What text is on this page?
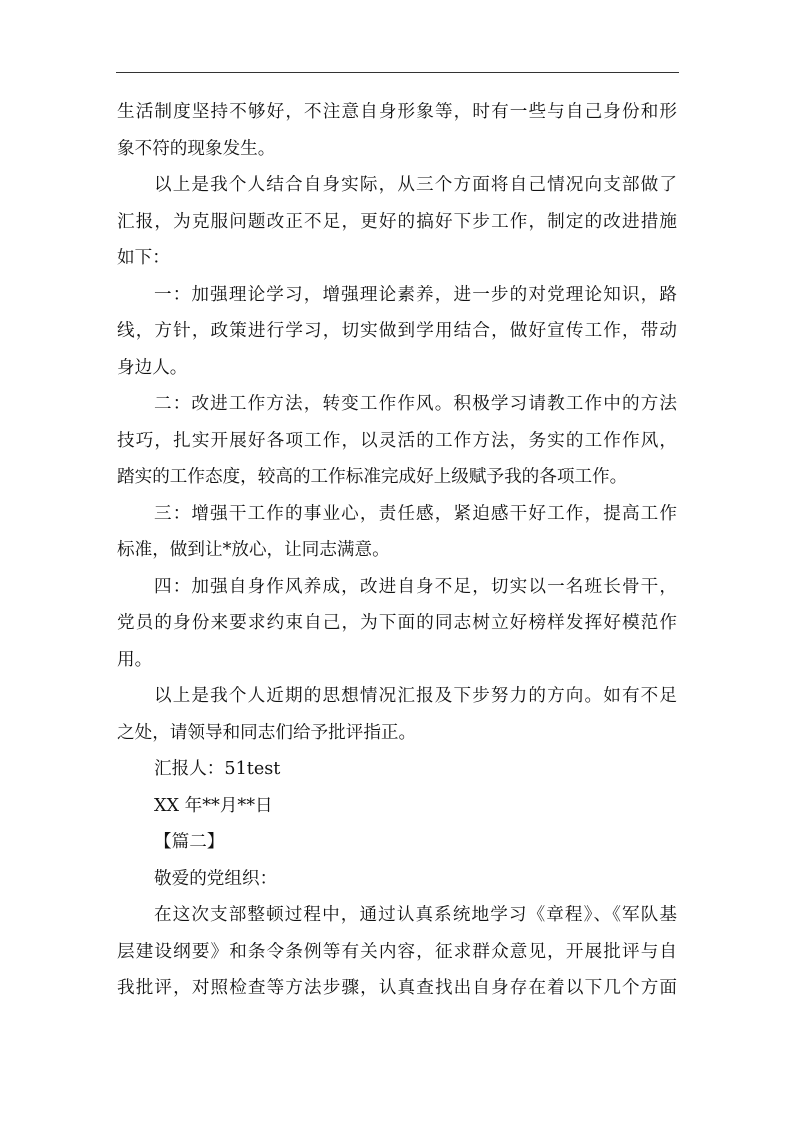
生活制度坚持不够好，不注意自身形象等，时有一些与自己身份和形
象不符的现象发生。
以上是我个人结合自身实际，从三个方面将自己情况向支部做了
汇报，为克服问题改正不足，更好的搞好下步工作，制定的改进措施
如下：
一：加强理论学习，增强理论素养，进一步的对党理论知识，路
线，方针，政策进行学习，切实做到学用结合，做好宣传工作，带动
身边人。
二：改进工作方法，转变工作作风。积极学习请教工作中的方法
技巧，扎实开展好各项工作，以灵活的工作方法，务实的工作作风，
踏实的工作态度，较高的工作标准完成好上级赋予我的各项工作。
三：增强干工作的事业心，责任感，紧迫感干好工作，提高工作
标准，做到让*放心，让同志满意。
四：加强自身作风养成，改进自身不足，切实以一名班长骨干，
党员的身份来要求约束自己，为下面的同志树立好榜样发挥好模范作
用。
以上是我个人近期的思想情况汇报及下步努力的方向。如有不足
之处，请领导和同志们给予批评指正。
汇报人：51test
XX 年**月**日
【篇二】
敬爱的党组织：
在这次支部整顿过程中，通过认真系统地学习《章程》、《军队基
层建设纲要》和条令条例等有关内容，征求群众意见，开展批评与自
我批评，对照检查等方法步骤，认真查找出自身存在着以下几个方面
